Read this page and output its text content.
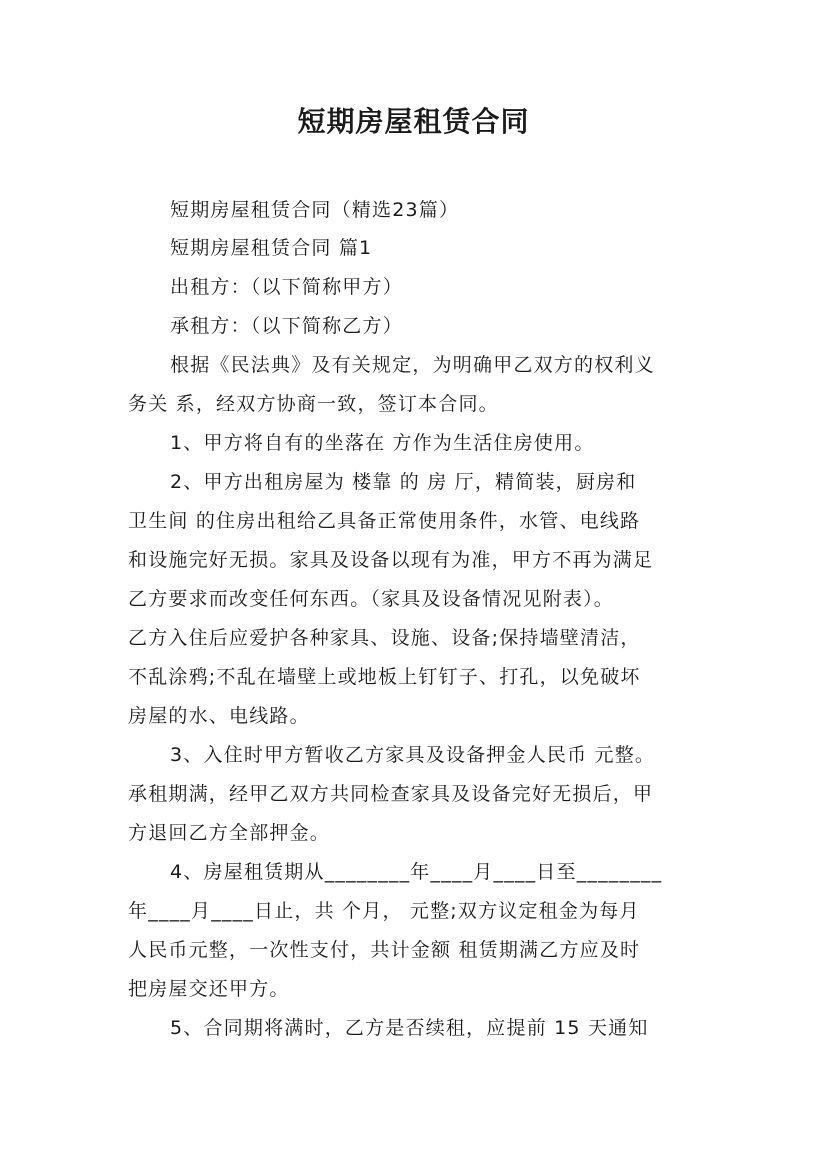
短期房屋租赁合同
短期房屋租赁合同（精选23篇）
短期房屋租赁合同 篇1
出租方：（以下简称甲方）
承租方：（以下简称乙方）
根据《民法典》及有关规定，为明确甲乙双方的权利义
务关 系，经双方协商一致，签订本合同。
1、甲方将自有的坐落在 方作为生活住房使用。
2、甲方出租房屋为 楼靠 的 房 厅，精简装，厨房和
卫生间 的住房出租给乙具备正常使用条件，水管、电线路
和设施完好无损。家具及设备以现有为准，甲方不再为满足
乙方要求而改变任何东西。（家具及设备情况见附表）。
乙方入住后应爱护各种家具、设施、设备;保持墙壁清洁，
不乱涂鸦;不乱在墙壁上或地板上钉钉子、打孔，以免破坏
房屋的水、电线路。
3、入住时甲方暂收乙方家具及设备押金人民币 元整。
承租期满，经甲乙双方共同检查家具及设备完好无损后，甲
方退回乙方全部押金。
4、房屋租赁期从________年____月____日至________
年____月____日止，共 个月， 元整;双方议定租金为每月
人民币元整，一次性支付，共计金额 租赁期满乙方应及时
把房屋交还甲方。
5、合同期将满时，乙方是否续租，应提前 15 天通知
